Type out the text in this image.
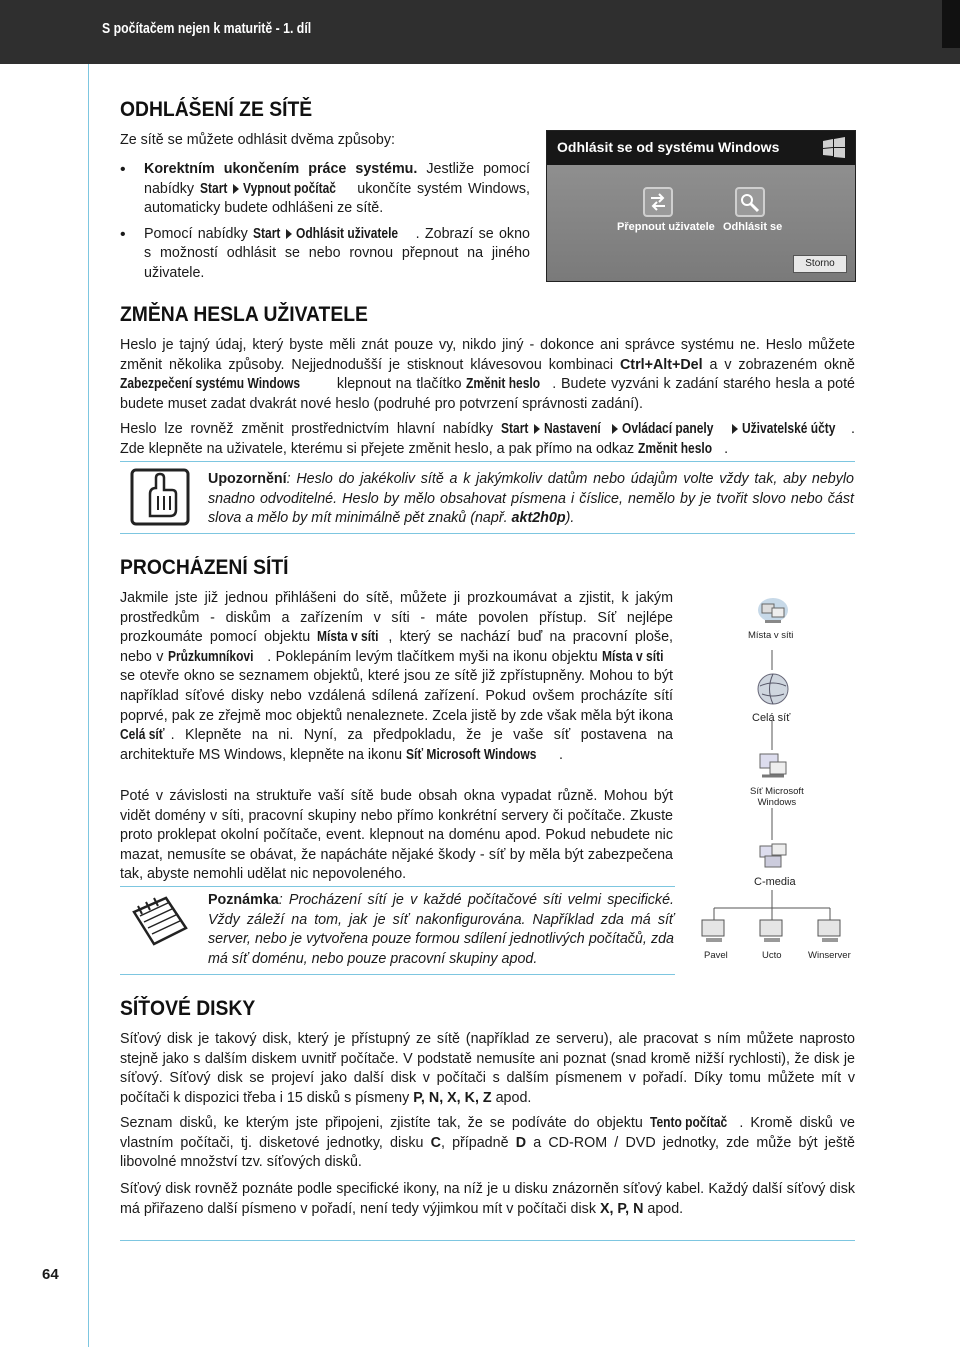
S počítačem nejen k maturitě - 1. díl
64
ODHLÁŠENÍ ZE SÍTĚ

Ze sítě se můžete odhlásit dvěma způsoby:

• Korektním ukončením práce systému. Jestliže pomocí nabídky Start Vypnout počítač ukončíte systém Windows, automaticky budete odhlášeni ze sítě.
• Pomocí nabídky Start Odhlásit uživatele . Zobrazí se okno s možností odhlásit se nebo rovnou přepnout na jiného uživatele.
Odhlásit se od systému Windows
Přepnout uživatele Odhlásit se
Storno
ZMĚNA HESLA UŽIVATELE

Heslo je tajný údaj, který byste měli znát pouze vy, nikdo jiný - dokonce ani správce systému ne. Heslo můžete změnit několika způsoby. Nejjednodušší je stisknout klávesovou kombinaci Ctrl+Alt+Del a v zobrazeném okně Zabezpečení systému Windows klepnout na tlačítko Změnit heslo . Budete vyzváni k zadání starého hesla a poté budete muset zadat dvakrát nové heslo (podruhé pro potvrzení správnosti zadání).

Heslo lze rovněž změnit prostřednictvím hlavní nabídky Start Nastavení Ovládací panely Uživatelské účty . Zde klepněte na uživatele, kterému si přejete změnit heslo, a pak přímo na odkaz Změnit heslo .

Upozornění: Heslo do jakékoliv sítě a k jakýmkoliv datům nebo údajům volte vždy tak, aby nebylo snadno odvoditelné. Heslo by mělo obsahovat písmena i číslice, nemělo by je tvořit slovo nebo část slova a mělo by mít minimálně pět znaků (např. akt2h0p).

PROCHÁZENÍ SÍTÍ

Jakmile jste již jednou přihlášeni do sítě, můžete ji prozkoumávat a zjistit, k jakým prostředkům - diskům a zařízením v síti - máte povolen přístup. Síť nejlépe prozkoumáte pomocí objektu Místa v síti , který se nachází buď na pracovní ploše, nebo v Průzkumníkovi . Poklepáním levým tlačítkem myši na ikonu objektu Místa v síti se otevře okno se seznamem objektů, které jsou ze sítě již zpřístupněny. Mohou to být například síťové disky nebo vzdálená sdílená zařízení. Pokud ovšem procházíte sítí poprvé, pak ze zřejmě moc objektů nenaleznete. Zcela jistě by zde však měla být ikona Celá síť . Klepněte na ni. Nyní, za předpokladu, že je vaše síť postavena na architektuře MS Windows, klepněte na ikonu Síť Microsoft Windows .

Poté v závislosti na struktuře vaší sítě bude obsah okna vypadat různě. Mohou být vidět domény v síti, pracovní skupiny nebo přímo konkrétní servery či počítače. Zkuste proto proklepat okolní počítače, event. klepnout na doménu apod. Pokud nebudete nic mazat, nemusíte se obávat, že napácháte nějaké škody - síť by měla být zabezpečena tak, abyste nemohli udělat nic nepovoleného.

Místa v síti
Celá síť
Síť Microsoft
Windows
C-media
Pavel	Ucto	Winserver

Poznámka: Procházení sítí je v každé počítačové síti velmi specifické. Vždy záleží na tom, jak je síť nakonfigurována. Například zda má síť server, nebo je vytvořena pouze formou sdílení jednotlivých počítačů, zda má síť doménu, nebo pouze pracovní skupiny apod.

SÍŤOVÉ DISKY

Síťový disk je takový disk, který je přístupný ze sítě (například ze serveru), ale pracovat s ním můžete naprosto stejně jako s dalším diskem uvnitř počítače. V podstatě nemusíte ani poznat (snad kromě nižší rychlosti), že disk je síťový. Síťový disk se projeví jako další disk v počítači s dalším písmenem v pořadí. Díky tomu můžete mít v počítači k dispozici třeba i 15 disků s písmeny P, N, X, K, Z apod.

Seznam disků, ke kterým jste připojeni, zjistíte tak, že se podíváte do objektu Tento počítač . Kromě disků ve vlastním počítači, tj. disketové jednotky, disku C, případně D a CD-ROM / DVD jednotky, zde může být ještě libovolné množství tzv. síťových disků.

Síťový disk rovněž poznáte podle specifické ikony, na níž je u disku znázorněn síťový kabel. Každý další síťový disk má přiřazeno další písmeno v pořadí, není tedy výjimkou mít v počítači disk X, P, N apod.
